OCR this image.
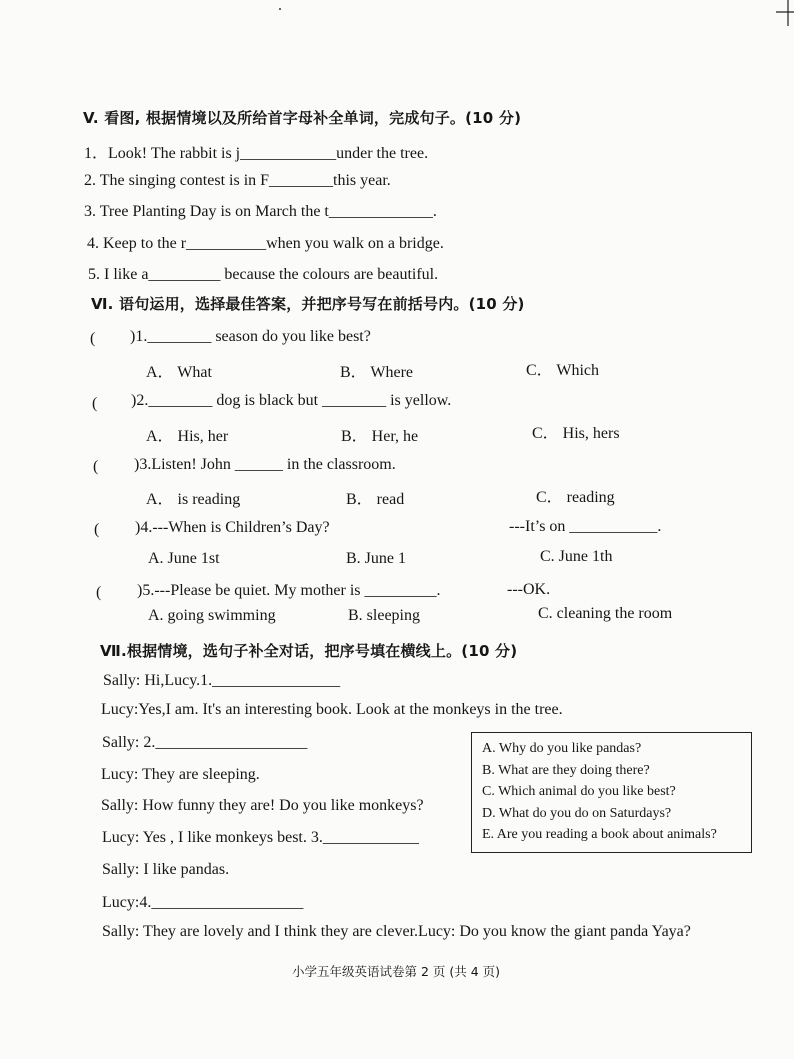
V. 看图, 根据情境以及所给首字母补全单词，完成句子。(10 分)
1．Look! The rabbit is j____________under the tree.
2. The singing contest is in F________this year.
3. Tree Planting Day is on March the t_____________.
4. Keep to the r__________when you walk on a bridge.
5. I like a_________ because the colours are beautiful.
Ⅵ. 语句运用，选择最佳答案，并把序号写在前括号内。(10 分)
( )1.________ season do you like best?
A． What	B． Where	C． Which
( )2.________ dog is black but ________ is yellow.
A． His, her	B． Her, he	C． His, hers
( )3.Listen! John ______ in the classroom.
A． is reading	B． read	C． reading
( )4.---When is Children’s Day?	---It’s on ___________.
A. June 1st	B. June 1	C. June 1th
( )5.---Please be quiet. My mother is _________.	---OK.
A. going swimming	B. sleeping	C. cleaning the room
Ⅶ.根据情境，选句子补全对话，把序号填在横线上。(10 分)
Sally: Hi,Lucy.1.________________
Lucy:Yes,I am. It's an interesting book. Look at the monkeys in the tree.
Sally: 2.___________________
Lucy: They are sleeping.
Sally: How funny they are! Do you like monkeys?
Lucy: Yes , I like monkeys best. 3.____________
Sally: I like pandas.
Lucy:4.___________________
Sally: They are lovely and I think they are clever.Lucy: Do you know the giant panda Yaya?
A. Why do you like pandas?
B. What are they doing there?
C. Which animal do you like best?
D. What do you do on Saturdays?
E. Are you reading a book about animals?
小学五年级英语试卷第 2 页 (共 4 页)
